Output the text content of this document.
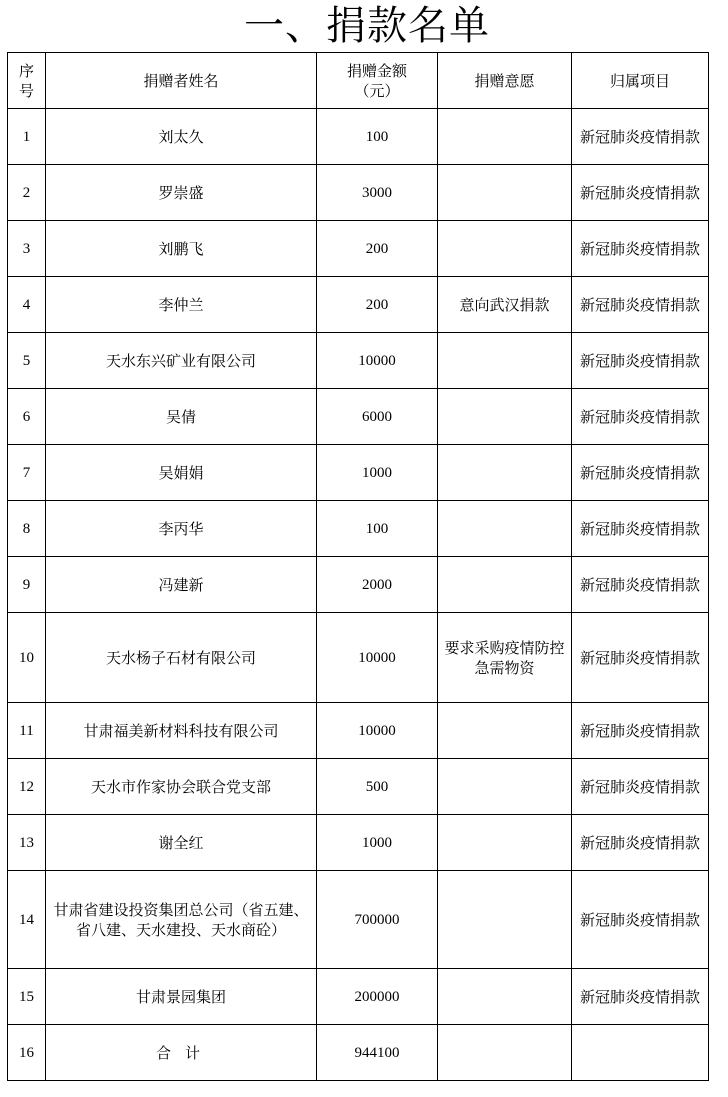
一、捐款名单
序号	捐赠者姓名	捐赠金额（元）	捐赠意愿	归属项目
1	刘太久	100		新冠肺炎疫情捐款
2	罗崇盛	3000		新冠肺炎疫情捐款
3	刘鹏飞	200		新冠肺炎疫情捐款
4	李仲兰	200	意向武汉捐款	新冠肺炎疫情捐款
5	天水东兴矿业有限公司	10000		新冠肺炎疫情捐款
6	吴倩	6000		新冠肺炎疫情捐款
7	吴娟娟	1000		新冠肺炎疫情捐款
8	李丙华	100		新冠肺炎疫情捐款
9	冯建新	2000		新冠肺炎疫情捐款
10	天水杨子石材有限公司	10000	要求采购疫情防控急需物资	新冠肺炎疫情捐款
11	甘肃福美新材料科技有限公司	10000		新冠肺炎疫情捐款
12	天水市作家协会联合党支部	500		新冠肺炎疫情捐款
13	谢全红	1000		新冠肺炎疫情捐款
14	甘肃省建设投资集团总公司（省五建、省八建、天水建投、天水商砼）	700000		新冠肺炎疫情捐款
15	甘肃景园集团	200000		新冠肺炎疫情捐款
16	合计	944100		
